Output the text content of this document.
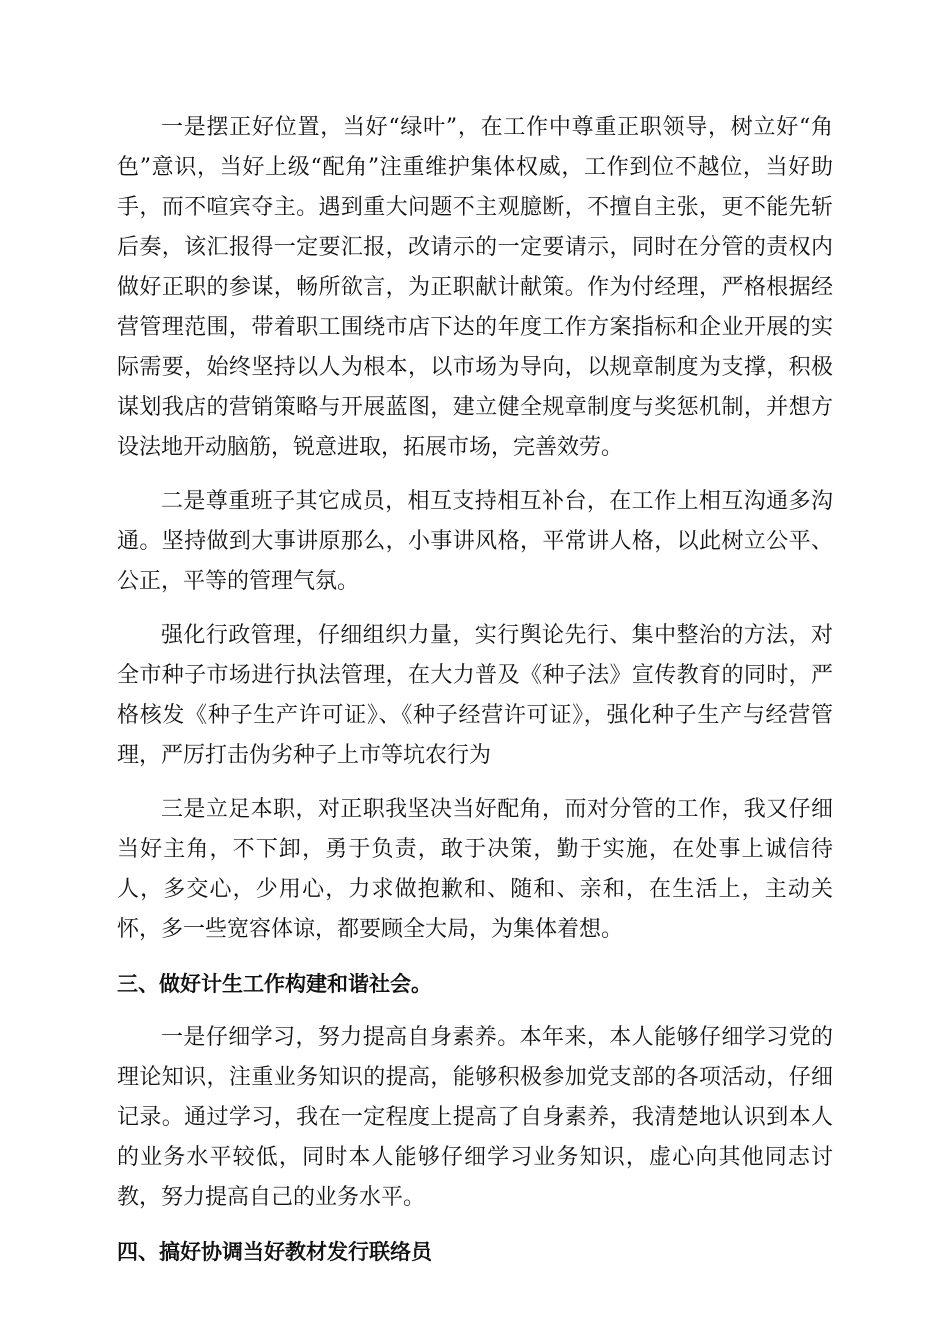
一是摆正好位置，当好“绿叶”，在工作中尊重正职领导，树立好“角色”意识，当好上级“配角”注重维护集体权威，工作到位不越位，当好助手，而不喧宾夺主。遇到重大问题不主观臆断，不擅自主张，更不能先斩后奏，该汇报得一定要汇报，改请示的一定要请示，同时在分管的责权内做好正职的参谋，畅所欲言，为正职献计献策。作为付经理，严格根据经营管理范围，带着职工围绕市店下达的年度工作方案指标和企业开展的实际需要，始终坚持以人为根本，以市场为导向，以规章制度为支撑，积极谋划我店的营销策略与开展蓝图，建立健全规章制度与奖惩机制，并想方设法地开动脑筋，锐意进取，拓展市场，完善效劳。

二是尊重班子其它成员，相互支持相互补台，在工作上相互沟通多沟通。坚持做到大事讲原那么，小事讲风格，平常讲人格，以此树立公平、公正，平等的管理气氛。

强化行政管理，仔细组织力量，实行舆论先行、集中整治的方法，对全市种子市场进行执法管理，在大力普及《种子法》宣传教育的同时，严格核发《种子生产许可证》、《种子经营许可证》，强化种子生产与经营管理，严厉打击伪劣种子上市等坑农行为

三是立足本职，对正职我坚决当好配角，而对分管的工作，我又仔细当好主角，不下卸，勇于负责，敢于决策，勤于实施，在处事上诚信待人，多交心，少用心，力求做抱歉和、随和、亲和，在生活上，主动关怀，多一些宽容体谅，都要顾全大局，为集体着想。

三、做好计生工作构建和谐社会。

一是仔细学习，努力提高自身素养。本年来，本人能够仔细学习党的理论知识，注重业务知识的提高，能够积极参加党支部的各项活动，仔细记录。通过学习，我在一定程度上提高了自身素养，我清楚地认识到本人的业务水平较低，同时本人能够仔细学习业务知识，虚心向其他同志讨教，努力提高自己的业务水平。

四、搞好协调当好教材发行联络员
